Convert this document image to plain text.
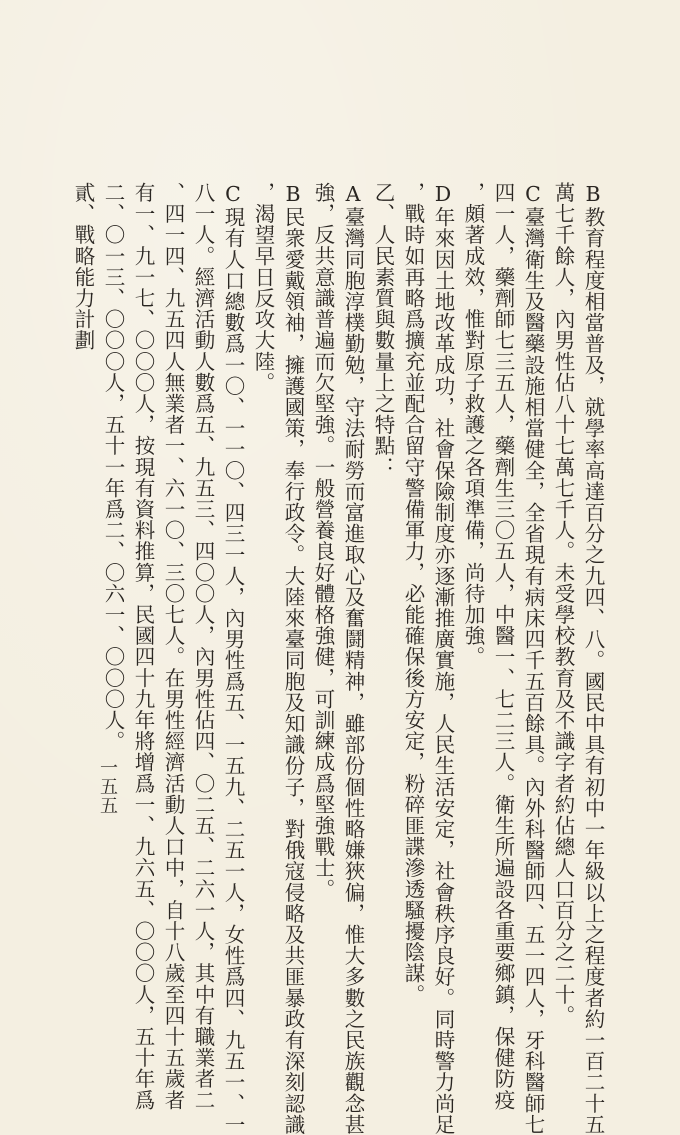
B教育程度相當普及，就學率高達百分之九四、八。國民中具有初中一年級以上之程度者約一百二十五

萬七千餘人，內男性佔八十七萬七千人。未受學校教育及不識字者約佔總人口百分之二十。

C臺灣衛生及醫藥設施相當健全，全省現有病床四千五百餘具。內外科醫師四、五一四人，牙科醫師七

四一人，藥劑師七三五人，藥劑生三〇五人，中醫一、七二三人。衛生所遍設各重要鄉鎮，保健防疫

，頗著成效，惟對原子救護之各項準備，尚待加強。

D年來因土地改革成功，社會保險制度亦逐漸推廣實施，人民生活安定，社會秩序良好。同時警力尚足

，戰時如再略爲擴充並配合留守警備軍力，必能確保後方安定，粉碎匪諜滲透騷擾陰謀。

乙、人民素質與數量上之特點：

A臺灣同胞淳樸勤勉，守法耐勞而富進取心及奮鬪精神，雖部份個性略嫌狹偏，惟大多數之民族觀念甚

強，反共意識普遍而欠堅強。一般營養良好體格強健，可訓練成爲堅強戰士。

B民衆愛戴領袖，擁護國策，奉行政令。大陸來臺同胞及知識份子，對俄寇侵略及共匪暴政有深刻認識

，渴望早日反攻大陸。

C現有人口總數爲一〇、一一〇、四三一人，內男性爲五、一五九、二五一人，女性爲四、九五一、一

八一人。經濟活動人數爲五、九五三、四〇〇人，內男性佔四、〇二五、二六一人，其中有職業者二

、四一四、九五四人無業者一、六一〇、三〇七人。在男性經濟活動人口中，自十八歲至四十五歲者

有一、九一七、〇〇〇人，按現有資料推算，民國四十九年將增爲一、九六五、〇〇〇人，五十年爲

二、〇一三、〇〇〇人，五十一年爲二、〇六一、〇〇〇人。

貳、戰略能力計劃

一五五
